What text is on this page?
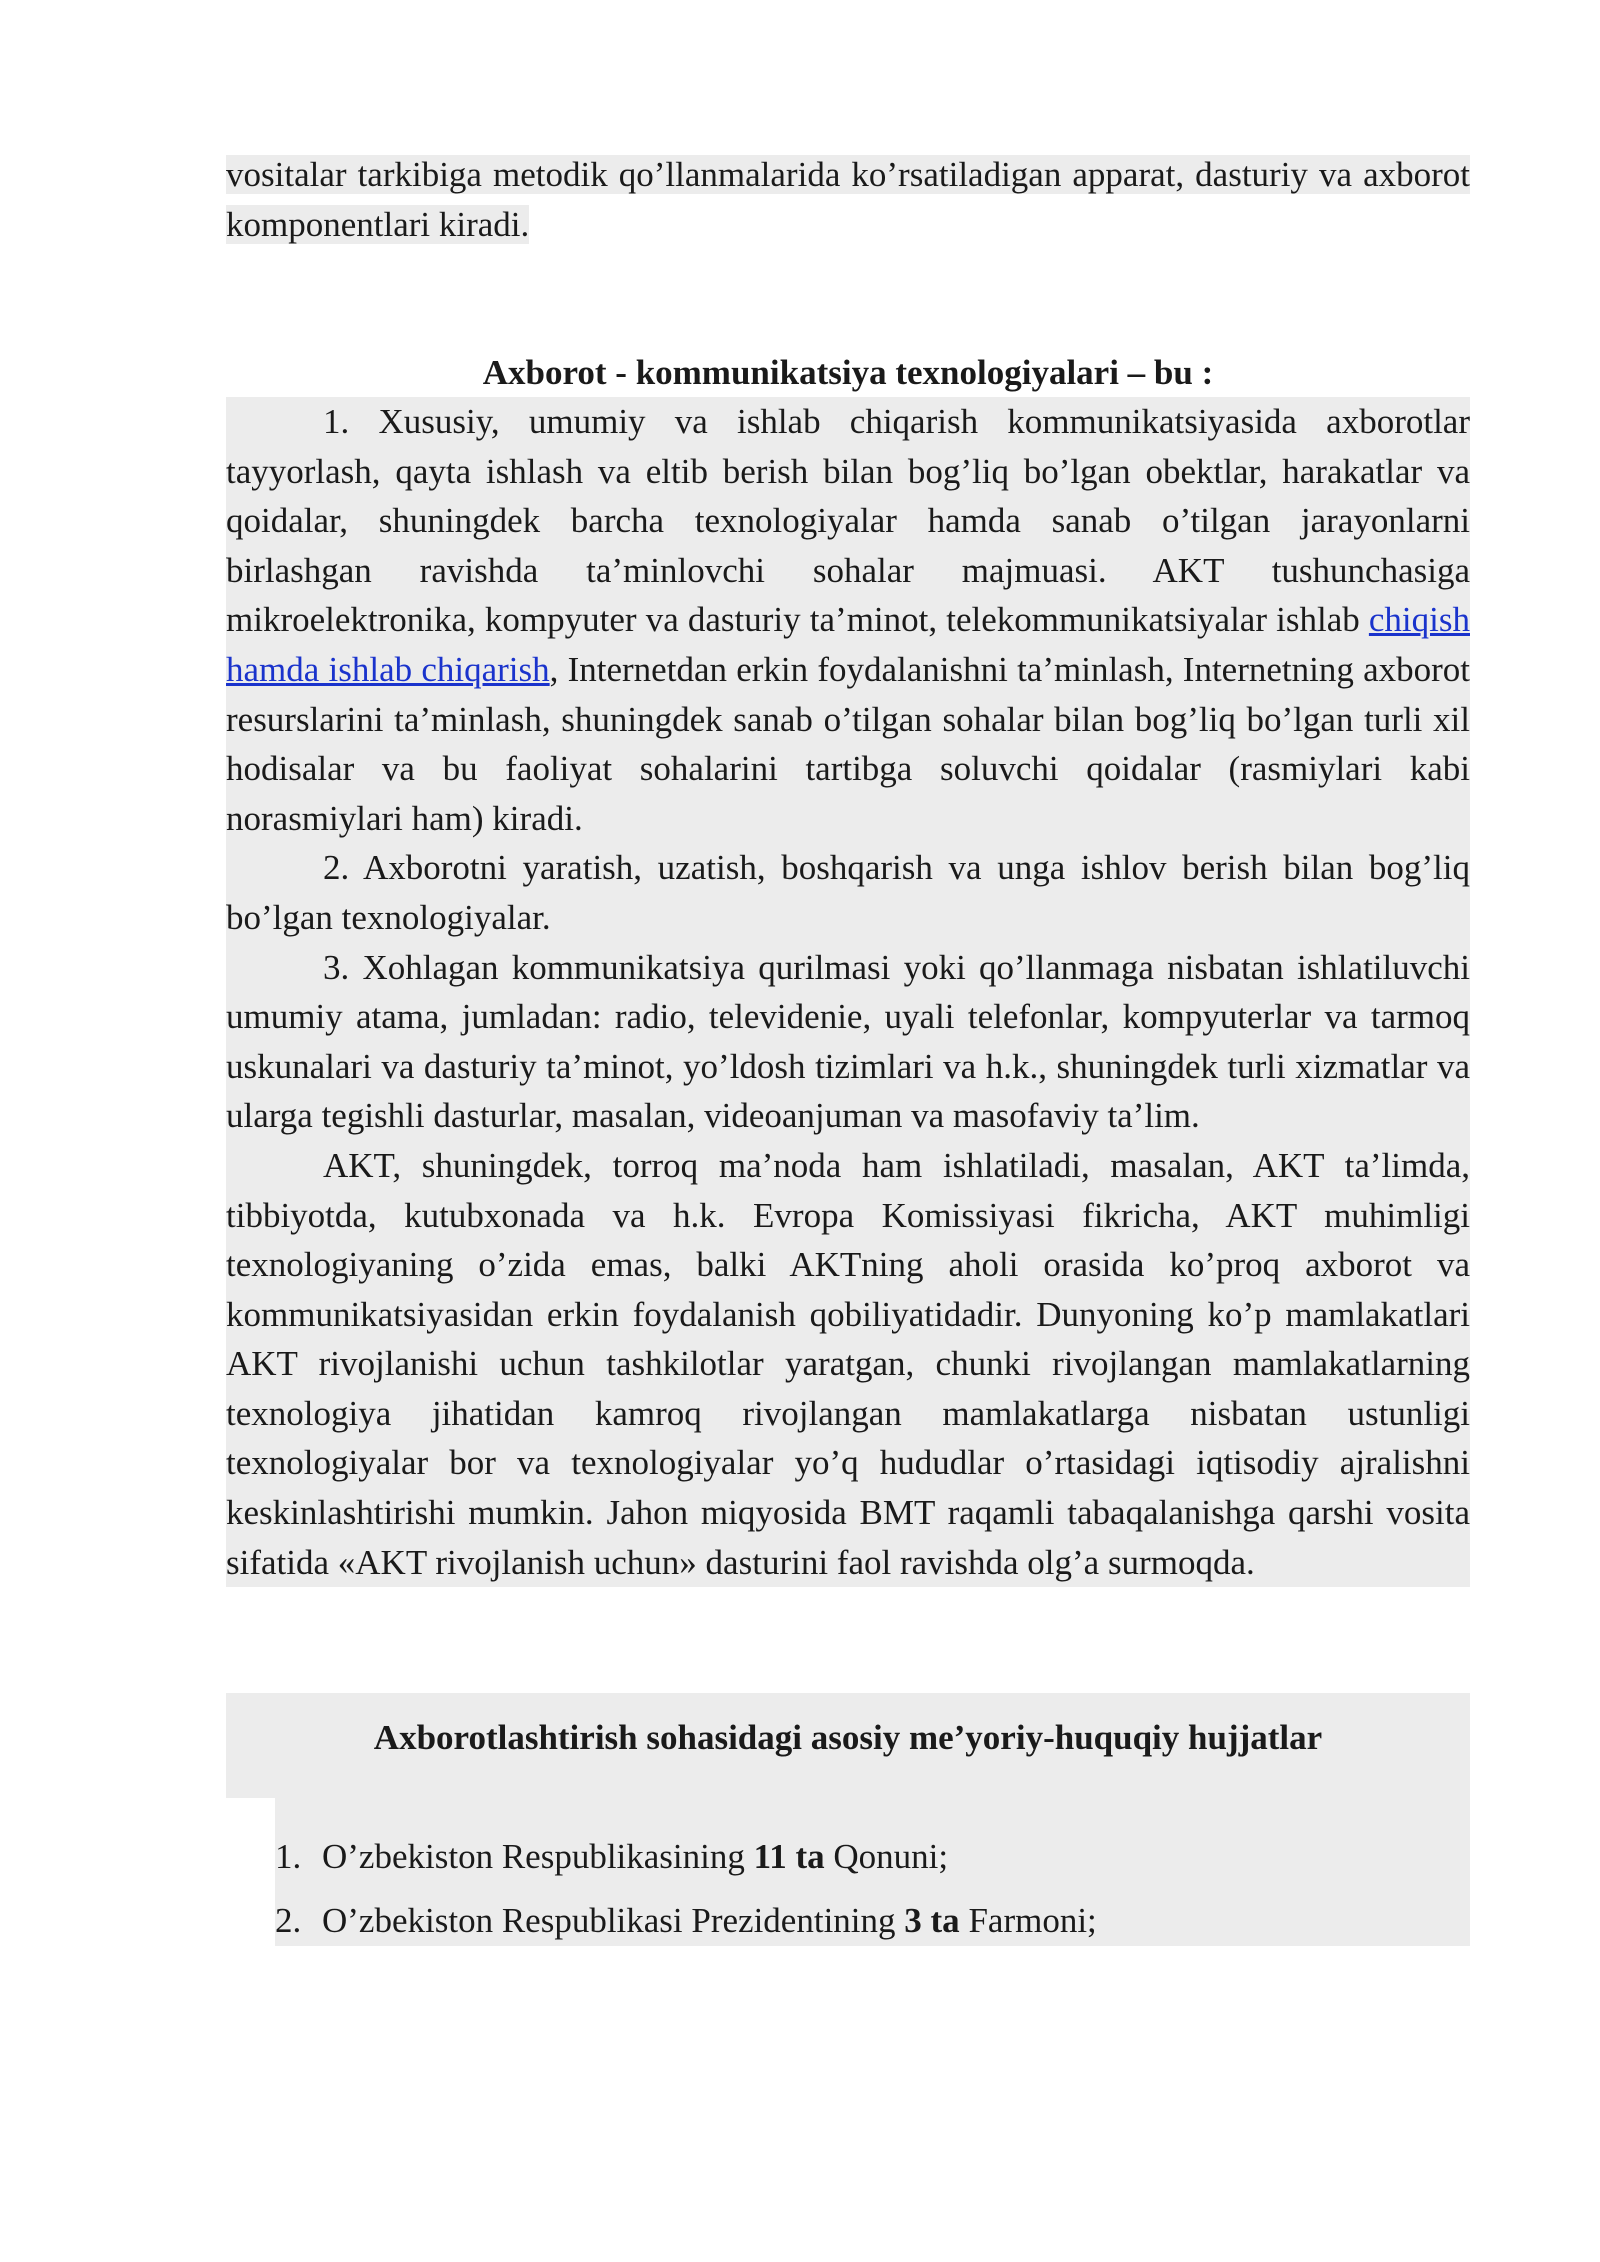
vositalar tarkibiga metodik qo’llanmalarida ko’rsatiladigan apparat, dasturiy va axborot komponentlari kiradi.
Axborot - kommunikatsiya texnologiyalari – bu :

1. Xususiy, umumiy va ishlab chiqarish kommunikatsiyasida axborotlar tayyorlash, qayta ishlash va eltib berish bilan bog’liq bo’lgan obektlar, harakatlar va qoidalar, shuningdek barcha texnologiyalar hamda sanab o’tilgan jarayonlarni birlashgan ravishda ta’minlovchi sohalar majmuasi. AKT tushunchasiga mikroelektronika, kompyuter va dasturiy ta’minot, telekommunikatsiyalar ishlab chiqish hamda ishlab chiqarish, Internetdan erkin foydalanishni ta’minlash, Internetning axborot resurslarini ta’minlash, shuningdek sanab o’tilgan sohalar bilan bog’liq bo’lgan turli xil hodisalar va bu faoliyat sohalarini tartibga soluvchi qoidalar (rasmiylari kabi norasmiylari ham) kiradi.

2. Axborotni yaratish, uzatish, boshqarish va unga ishlov berish bilan bog’liq bo’lgan texnologiyalar.

3. Xohlagan kommunikatsiya qurilmasi yoki qo’llanmaga nisbatan ishlatiluvchi umumiy atama, jumladan: radio, televidenie, uyali telefonlar, kompyuterlar va tarmoq uskunalari va dasturiy ta’minot, yo’ldosh tizimlari va h.k., shuningdek turli xizmatlar va ularga tegishli dasturlar, masalan, videoanjuman va masofaviy ta’lim.

AKT, shuningdek, torroq ma’noda ham ishlatiladi, masalan, AKT ta’limda, tibbiyotda, kutubxonada va h.k. Evropa Komissiyasi fikricha, AKT muhimligi texnologiyaning o’zida emas, balki AKTning aholi orasida ko’proq axborot va kommunikatsiyasidan erkin foydalanish qobiliyatidadir. Dunyoning ko’p mamlakatlari AKT rivojlanishi uchun tashkilotlar yaratgan, chunki rivojlangan mamlakatlarning texnologiya jihatidan kamroq rivojlangan mamlakatlarga nisbatan ustunligi texnologiyalar bor va texnologiyalar yo’q hududlar o’rtasidagi iqtisodiy ajralishni keskinlashtirishi mumkin. Jahon miqyosida BMT raqamli tabaqalanishga qarshi vosita sifatida «AKT rivojlanish uchun» dasturini faol ravishda olg’a surmoqda.

Axborotlashtirish sohasidagi asosiy me’yoriy-huquqiy hujjatlar
1. O’zbekiston Respublikasining 11 ta Qonuni;
2. O’zbekiston Respublikasi Prezidentining 3 ta Farmoni;
